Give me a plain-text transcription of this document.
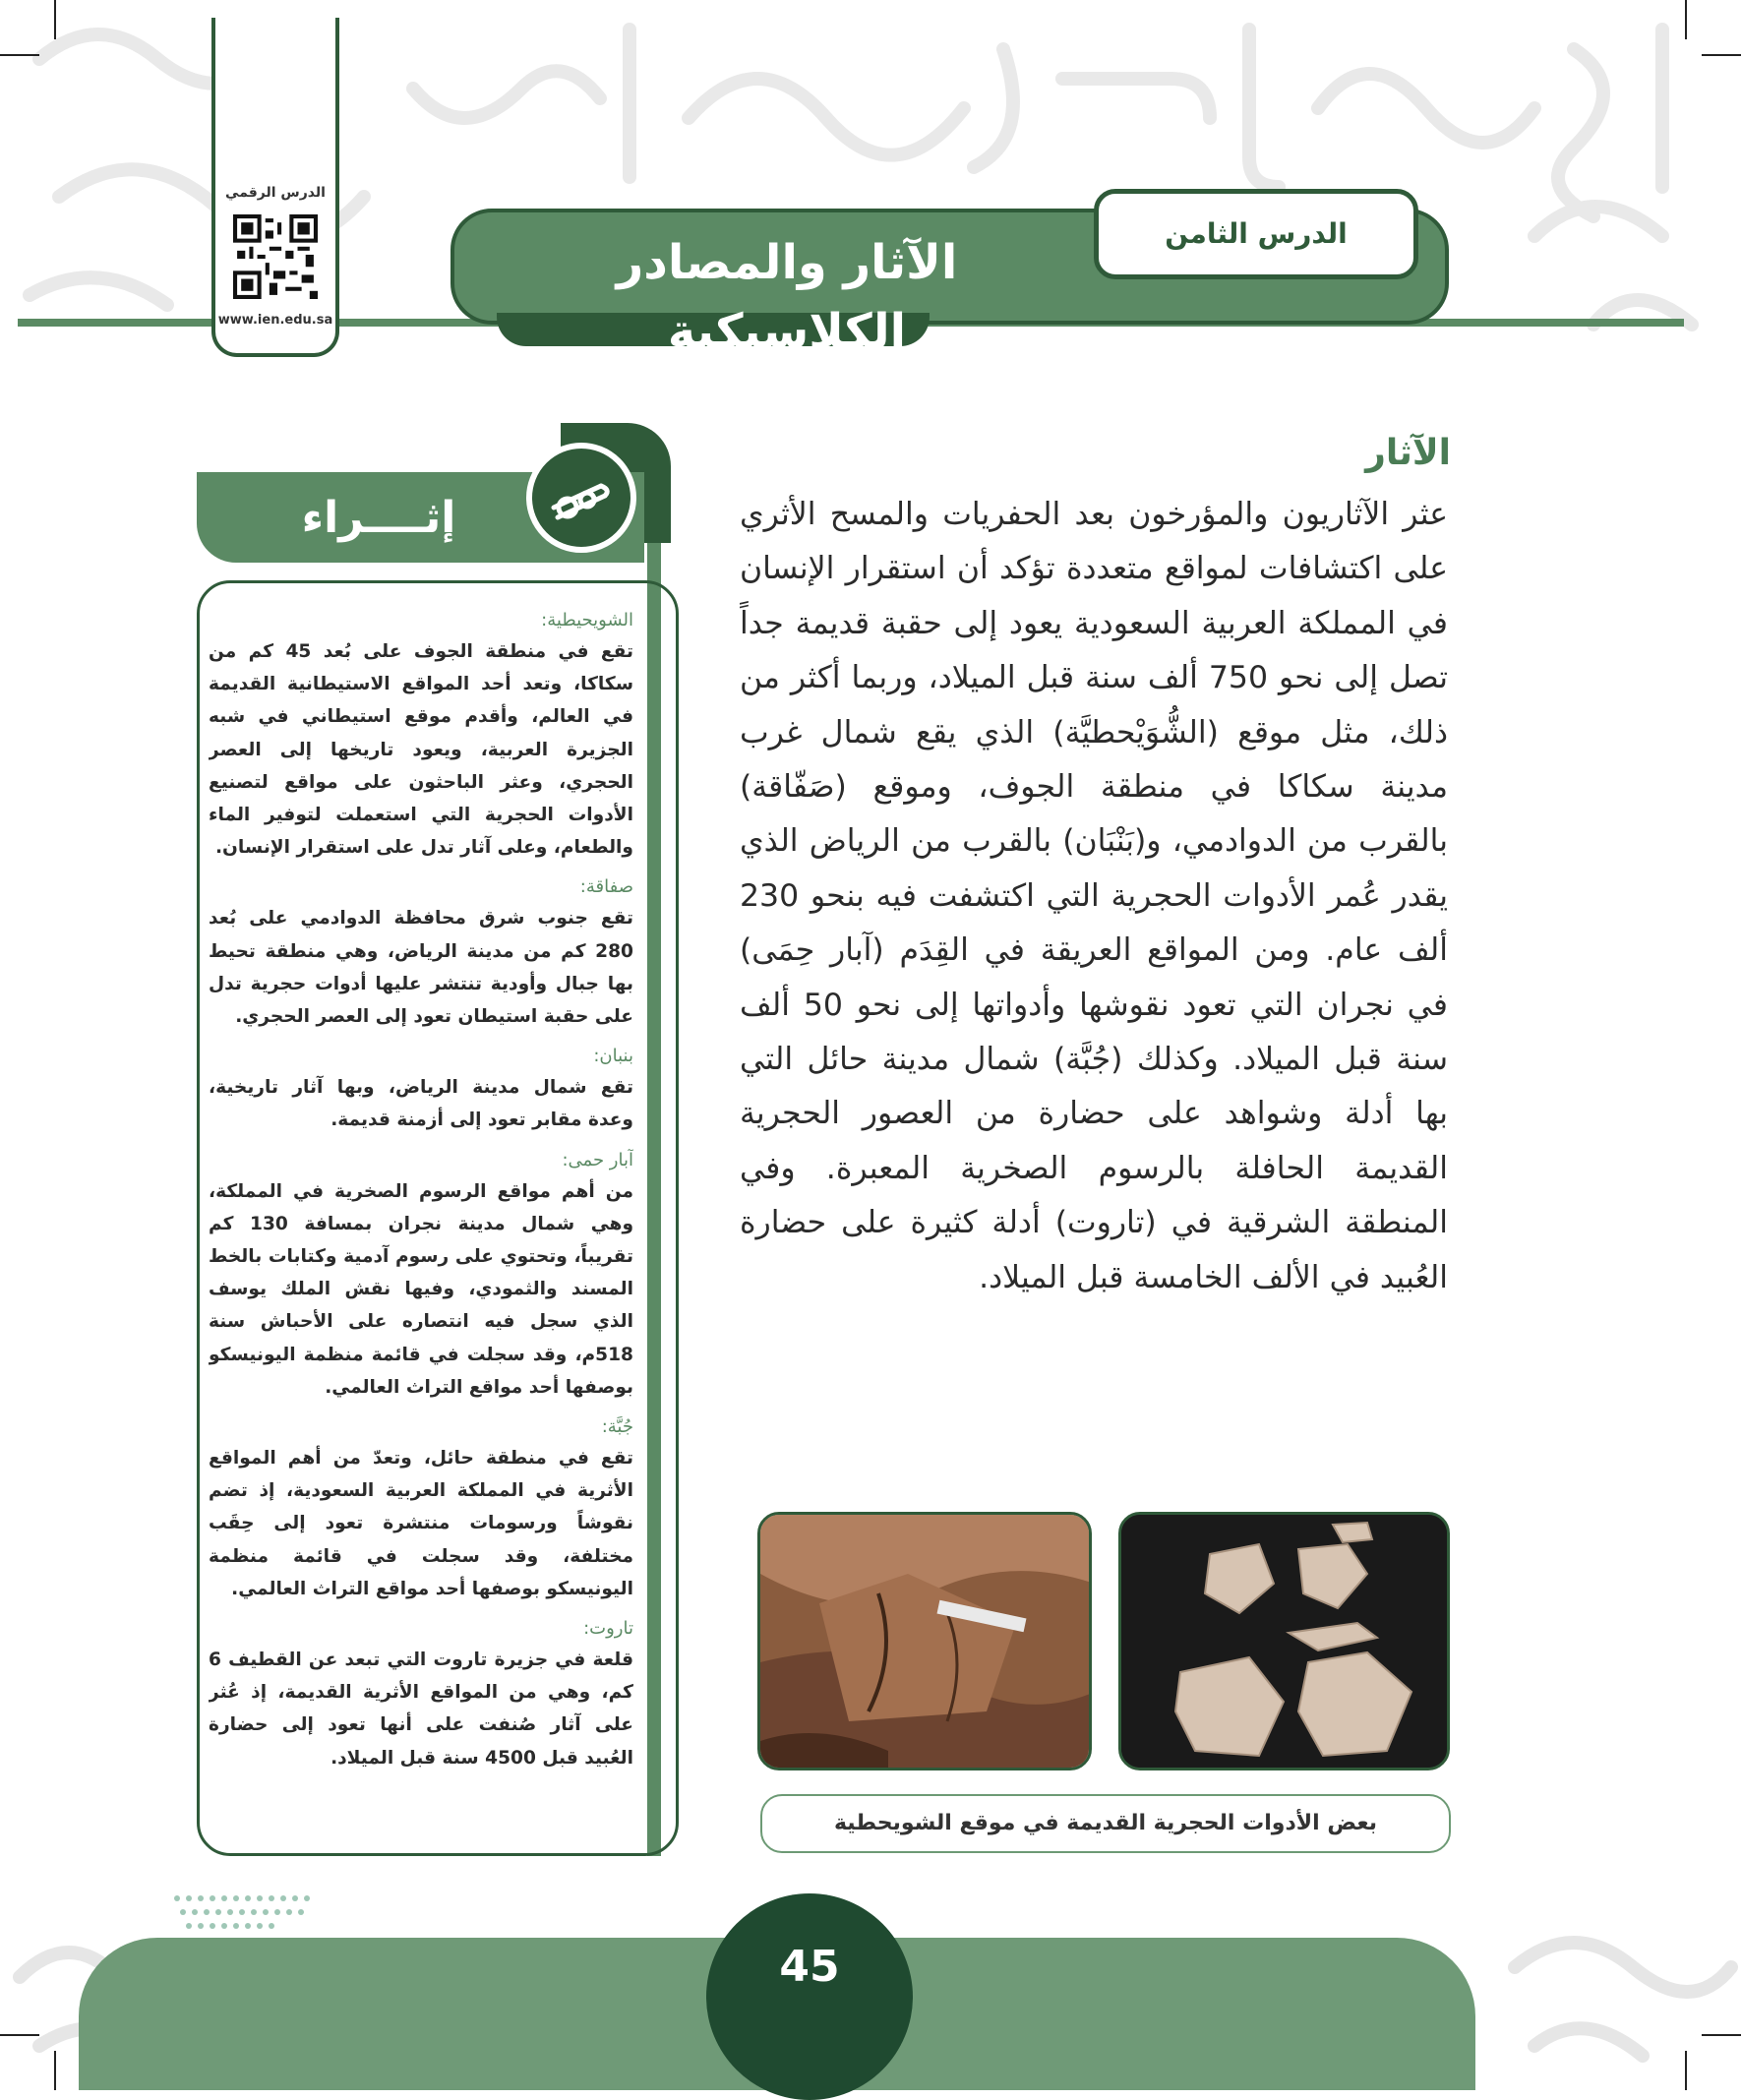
الآثار والمصادر الكلاسيكية
الدرس الثامن
الدرس الرقمي
www.ien.edu.sa
الآثار
عثر الآثاريون والمؤرخون بعد الحفريات والمسح الأثري على اكتشافات لمواقع متعددة تؤكد أن استقرار الإنسان في المملكة العربية السعودية يعود إلى حقبة قديمة جداً تصل إلى نحو 750 ألف سنة قبل الميلاد، وربما أكثر من ذلك، مثل موقع (الشُّوَيْحطيَّة) الذي يقع شمال غرب مدينة سكاكا في منطقة الجوف، وموقع (صَفّاقة) بالقرب من الدوادمي، و(بَنْبَان) بالقرب من الرياض الذي يقدر عُمر الأدوات الحجرية التي اكتشفت فيه بنحو 230 ألف عام. ومن المواقع العريقة في القِدَم (آبار حِمَى) في نجران التي تعود نقوشها وأدواتها إلى نحو 50 ألف سنة قبل الميلاد. وكذلك (جُبَّة) شمال مدينة حائل التي بها أدلة وشواهد على حضارة من العصور الحجرية القديمة الحافلة بالرسوم الصخرية المعبرة. وفي المنطقة الشرقية في (تاروت) أدلة كثيرة على حضارة العُبيد في الألف الخامسة قبل الميلاد.
بعض الأدوات الحجرية القديمة في موقع الشويحطية
إثــــراء
الشويحيطية:
تقع في منطقة الجوف على بُعد 45 كم من سكاكا، وتعد أحد المواقع الاستيطانية القديمة في العالم، وأقدم موقع استيطاني في شبه الجزيرة العربية، ويعود تاريخها إلى العصر الحجري، وعثر الباحثون على مواقع لتصنيع الأدوات الحجرية التي استعملت لتوفير الماء والطعام، وعلى آثار تدل على استقرار الإنسان.
صفاقة:
تقع جنوب شرق محافظة الدوادمي على بُعد 280 كم من مدينة الرياض، وهي منطقة تحيط بها جبال وأودية تنتشر عليها أدوات حجرية تدل على حقبة استيطان تعود إلى العصر الحجري.
بنبان:
تقع شمال مدينة الرياض، وبها آثار تاريخية، وعدة مقابر تعود إلى أزمنة قديمة.
آبار حمى:
من أهم مواقع الرسوم الصخرية في المملكة، وهي شمال مدينة نجران بمسافة 130 كم تقريباً، وتحتوي على رسوم آدمية وكتابات بالخط المسند والثمودي، وفيها نقش الملك يوسف الذي سجل فيه انتصاره على الأحباش سنة 518م، وقد سجلت في قائمة منظمة اليونيسكو بوصفها أحد مواقع التراث العالمي.
جُبَّة:
تقع في منطقة حائل، وتعدّ من أهم المواقع الأثرية في المملكة العربية السعودية، إذ تضم نقوشاً ورسومات منتشرة تعود إلى حِقَب مختلفة، وقد سجلت في قائمة منظمة اليونيسكو بوصفها أحد مواقع التراث العالمي.
تاروت:
قلعة في جزيرة تاروت التي تبعد عن القطيف 6 كم، وهي من المواقع الأثرية القديمة، إذ عُثر على آثار صُنفت على أنها تعود إلى حضارة العُبيد قبل 4500 سنة قبل الميلاد.
45
